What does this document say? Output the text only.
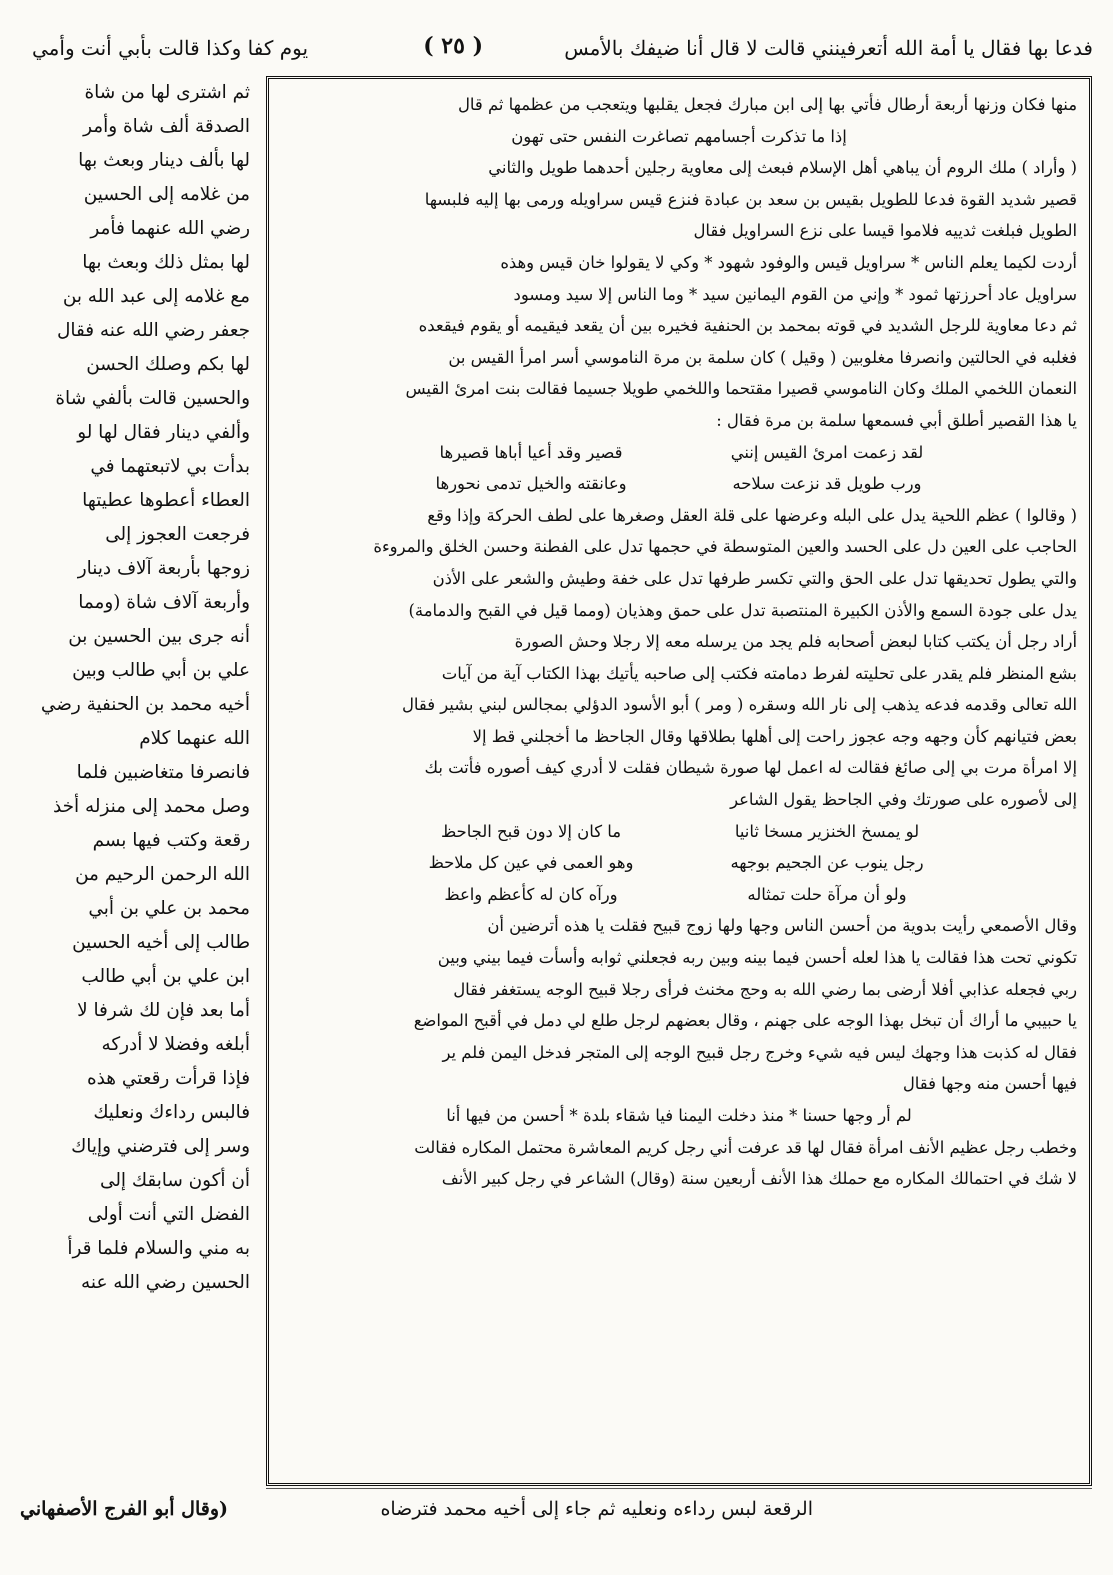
فدعا بها فقال يا أمة الله أتعرفينني قالت لا قال أنا ضيفك بالأمس
( ٢٥ )
يوم كفا وكذا قالت بأبي أنت وأمي

منها فكان وزنها أربعة أرطال فأتي بها إلى ابن مبارك فجعل يقلبها ويتعجب من عظمها ثم قال

إذا ما تذكرت أجسامهم تصاغرت النفس حتى تهون

( وأراد ) ملك الروم أن يباهي أهل الإسلام فبعث إلى معاوية رجلين أحدهما طويل والثاني

قصير شديد القوة فدعا للطويل بقيس بن سعد بن عبادة فنزع قيس سراويله ورمى بها إليه فلبسها

الطويل فبلغت ثدييه فلاموا قيسا على نزع السراويل فقال

أردت لكيما يعلم الناس * سراويل قيس والوفود شهود * وكي لا يقولوا خان قيس وهذه

سراويل عاد أحرزتها ثمود * وإني من القوم اليمانين سيد * وما الناس إلا سيد ومسود

ثم دعا معاوية للرجل الشديد في قوته بمحمد بن الحنفية فخيره بين أن يقعد فيقيمه أو يقوم فيقعده

فغلبه في الحالتين وانصرفا مغلوبين ( وقيل ) كان سلمة بن مرة الناموسي أسر امرأ القيس بن

النعمان اللخمي الملك وكان الناموسي قصيرا مقتحما واللخمي طويلا جسيما فقالت بنت امرئ القيس

يا هذا القصير أطلق أبي فسمعها سلمة بن مرة فقال :

لقد زعمت امرئ القيس إنني
قصير وقد أعيا أباها قصيرها
ورب طويل قد نزعت سلاحه
وعانقته والخيل تدمى نحورها

( وقالوا ) عظم اللحية يدل على البله وعرضها على قلة العقل وصغرها على لطف الحركة وإذا وقع

الحاجب على العين دل على الحسد والعين المتوسطة في حجمها تدل على الفطنة وحسن الخلق والمروءة

والتي يطول تحديقها تدل على الحق والتي تكسر طرفها تدل على خفة وطيش والشعر على الأذن

يدل على جودة السمع والأذن الكبيرة المنتصبة تدل على حمق وهذيان (ومما قيل في القبح والدمامة)

أراد رجل أن يكتب كتابا لبعض أصحابه فلم يجد من يرسله معه إلا رجلا وحش الصورة

بشع المنظر فلم يقدر على تحليته لفرط دمامته فكتب إلى صاحبه يأتيك بهذا الكتاب آية من آيات

الله تعالى وقدمه فدعه يذهب إلى نار الله وسقره ( ومر ) أبو الأسود الدؤلي بمجالس لبني بشير فقال

بعض فتيانهم كأن وجهه وجه عجوز راحت إلى أهلها بطلاقها وقال الجاحظ ما أخجلني قط إلا

إلا امرأة مرت بي إلى صائغ فقالت له اعمل لها صورة شيطان فقلت لا أدري كيف أصوره فأتت بك

إلى لأصوره على صورتك وفي الجاحظ يقول الشاعر

لو يمسخ الخنزير مسخا ثانيا
ما كان إلا دون قبح الجاحظ
رجل ينوب عن الجحيم بوجهه
وهو العمى في عين كل ملاحظ
ولو أن مرآة حلت تمثاله
ورآه كان له كأعظم واعظ

وقال الأصمعي رأيت بدوية من أحسن الناس وجها ولها زوج قبيح فقلت يا هذه أترضين أن

تكوني تحت هذا فقالت يا هذا لعله أحسن فيما بينه وبين ربه فجعلني ثوابه وأسأت فيما بيني وبين

ربي فجعله عذابي أفلا أرضى بما رضي الله به وحج مخنث فرأى رجلا قبيح الوجه يستغفر فقال

يا حبيبي ما أراك أن تبخل بهذا الوجه على جهنم ، وقال بعضهم لرجل طلع لي دمل في أقبح المواضع

فقال له كذبت هذا وجهك ليس فيه شيء وخرج رجل قبيح الوجه إلى المتجر فدخل اليمن فلم ير

فيها أحسن منه وجها فقال

لم أر وجها حسنا * منذ دخلت اليمنا فيا شقاء بلدة * أحسن من فيها أنا

وخطب رجل عظيم الأنف امرأة فقال لها قد عرفت أني رجل كريم المعاشرة محتمل المكاره فقالت

لا شك في احتمالك المكاره مع حملك هذا الأنف أربعين سنة (وقال) الشاعر في رجل كبير الأنف

ثم اشترى لها من شاة

الصدقة ألف شاة وأمر

لها بألف دينار وبعث بها

من غلامه إلى الحسين

رضي الله عنهما فأمر

لها بمثل ذلك وبعث بها

مع غلامه إلى عبد الله بن

جعفر رضي الله عنه فقال

لها بكم وصلك الحسن

والحسين قالت بألفي شاة

وألفي دينار فقال لها لو

بدأت بي لاتبعتهما في

العطاء أعطوها عطيتها

فرجعت العجوز إلى

زوجها بأربعة آلاف دينار

وأربعة آلاف شاة (ومما

أنه جرى بين الحسين بن

علي بن أبي طالب وبين

أخيه محمد بن الحنفية رضي

الله عنهما كلام

فانصرفا متغاضبين فلما

وصل محمد إلى منزله أخذ

رقعة وكتب فيها بسم

الله الرحمن الرحيم من

محمد بن علي بن أبي

طالب إلى أخيه الحسين

ابن علي بن أبي طالب

أما بعد فإن لك شرفا لا

أبلغه وفضلا لا أدركه

فإذا قرأت رقعتي هذه

فالبس رداءك ونعليك

وسر إلى فترضني وإياك

أن أكون سابقك إلى

الفضل التي أنت أولى

به مني والسلام فلما قرأ

الحسين رضي الله عنه

الرقعة لبس رداءه ونعليه ثم جاء إلى أخيه محمد فترضاه
(وقال أبو الفرج الأصفهاني
